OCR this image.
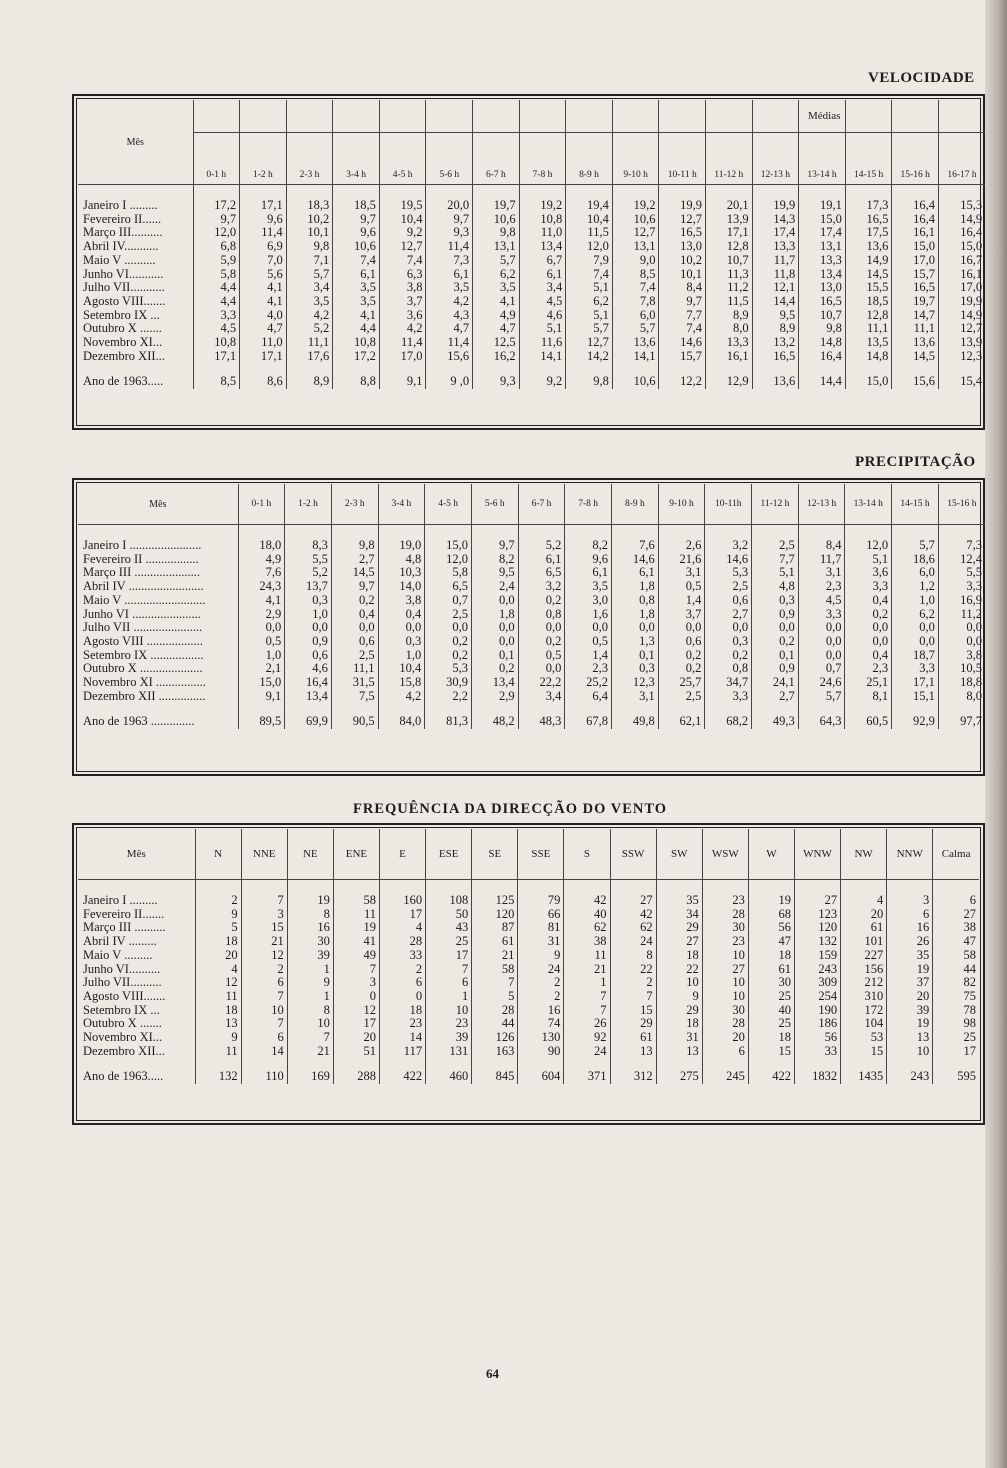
VELOCIDADE
Médias
Mês	0-1 h	1-2 h	2-3 h	3-4 h	4-5 h	5-6 h	6-7 h	7-8 h	8-9 h	9-10 h	10-11 h	11-12 h	12-13 h	13-14 h	14-15 h	15-16 h	16-17 h

Janeiro I .........	17,2	17,1	18,3	18,5	19,5	20,0	19,7	19,2	19,4	19,2	19,9	20,1	19,9	19,1	17,3	16,4	15,3
Fevereiro II......	9,7	9,6	10,2	9,7	10,4	9,7	10,6	10,8	10,4	10,6	12,7	13,9	14,3	15,0	16,5	16,4	14,9
Março III..........	12,0	11,4	10,1	9,6	9,2	9,3	9,8	11,0	11,5	12,7	16,5	17,1	17,4	17,4	17,5	16,1	16,4
Abril IV...........	6,8	6,9	9,8	10,6	12,7	11,4	13,1	13,4	12,0	13,1	13,0	12,8	13,3	13,1	13,6	15,0	15,0
Maio V ..........	5,9	7,0	7,1	7,4	7,4	7,3	5,7	6,7	7,9	9,0	10,2	10,7	11,7	13,3	14,9	17,0	16,7
Junho VI...........	5,8	5,6	5,7	6,1	6,3	6,1	6,2	6,1	7,4	8,5	10,1	11,3	11,8	13,4	14,5	15,7	16,1
Julho VII...........	4,4	4,1	3,4	3,5	3,8	3,5	3,5	3,4	5,1	7,4	8,4	11,2	12,1	13,0	15,5	16,5	17,0
Agosto VIII.......	4,4	4,1	3,5	3,5	3,7	4,2	4,1	4,5	6,2	7,8	9,7	11,5	14,4	16,5	18,5	19,7	19,9
Setembro IX ...	3,3	4,0	4,2	4,1	3,6	4,3	4,9	4,6	5,1	6,0	7,7	8,9	9,5	10,7	12,8	14,7	14,9
Outubro X .......	4,5	4,7	5,2	4,4	4,2	4,7	4,7	5,1	5,7	5,7	7,4	8,0	8,9	9,8	11,1	11,1	12,7
Novembro XI...	10,8	11,0	11,1	10,8	11,4	11,4	12,5	11,6	12,7	13,6	14,6	13,3	13,2	14,8	13,5	13,6	13,9
Dezembro XII...	17,1	17,1	17,6	17,2	17,0	15,6	16,2	14,1	14,2	14,1	15,7	16,1	16,5	16,4	14,8	14,5	12,3

Ano de 1963.....	8,5	8,6	8,9	8,8	9,1	9 ,0	9,3	9,2	9,8	10,6	12,2	12,9	13,6	14,4	15,0	15,6	15,4
PRECIPITAÇÃO
Mês	0-1 h	1-2 h	2-3 h	3-4 h	4-5 h	5-6 h	6-7 h	7-8 h	8-9 h	9-10 h	10-11h	11-12 h	12-13 h	13-14 h	14-15 h	15-16 h

Janeiro I .......................	18,0	8,3	9,8	19,0	15,0	9,7	5,2	8,2	7,6	2,6	3,2	2,5	8,4	12,0	5,7	7,3
Fevereiro II .................	4,9	5,5	2,7	4,8	12,0	8,2	6,1	9,6	14,6	21,6	14,6	7,7	11,7	5,1	18,6	12,4
Março III .....................	7,6	5,2	14,5	10,3	5,8	9,5	6,5	6,1	6,1	3,1	5,3	5,1	3,1	3,6	6,0	5,5
Abril IV ........................	24,3	13,7	9,7	14,0	6,5	2,4	3,2	3,5	1,8	0,5	2,5	4,8	2,3	3,3	1,2	3,3
Maio V ..........................	4,1	0,3	0,2	3,8	0,7	0,0	0,2	3,0	0,8	1,4	0,6	0,3	4,5	0,4	1,0	16,9
Junho VI ......................	2,9	1,0	0,4	0,4	2,5	1,8	0,8	1,6	1,8	3,7	2,7	0,9	3,3	0,2	6,2	11,2
Julho VII ......................	0,0	0,0	0,0	0,0	0,0	0,0	0,0	0,0	0,0	0,0	0,0	0,0	0,0	0,0	0,0	0,0
Agosto VIII ..................	0,5	0,9	0,6	0,3	0,2	0,0	0,2	0,5	1,3	0,6	0,3	0,2	0,0	0,0	0,0	0,0
Setembro IX .................	1,0	0,6	2,5	1,0	0,2	0,1	0,5	1,4	0,1	0,2	0,2	0,1	0,0	0,4	18,7	3,8
Outubro X ....................	2,1	4,6	11,1	10,4	5,3	0,2	0,0	2,3	0,3	0,2	0,8	0,9	0,7	2,3	3,3	10,5
Novembro XI ................	15,0	16,4	31,5	15,8	30,9	13,4	22,2	25,2	12,3	25,7	34,7	24,1	24,6	25,1	17,1	18,8
Dezembro XII ...............	9,1	13,4	7,5	4,2	2,2	2,9	3,4	6,4	3,1	2,5	3,3	2,7	5,7	8,1	15,1	8,0

Ano de 1963 ..............	89,5	69,9	90,5	84,0	81,3	48,2	48,3	67,8	49,8	62,1	68,2	49,3	64,3	60,5	92,9	97,7
FREQUÊNCIA DA DIRECÇÃO DO VENTO
Mês	N	NNE	NE	ENE	E	ESE	SE	SSE	S	SSW	SW	WSW	W	WNW	NW	NNW	Calma

Janeiro I .........	2	7	19	58	160	108	125	79	42	27	35	23	19	27	4	3	6
Fevereiro II.......	9	3	8	11	17	50	120	66	40	42	34	28	68	123	20	6	27
Março III ..........	5	15	16	19	4	43	87	81	62	62	29	30	56	120	61	16	38
Abril IV .........	18	21	30	41	28	25	61	31	38	24	27	23	47	132	101	26	47
Maio V .........	20	12	39	49	33	17	21	9	11	8	18	10	18	159	227	35	58
Junho VI..........	4	2	1	7	2	7	58	24	21	22	22	27	61	243	156	19	44
Julho VII..........	12	6	9	3	6	6	7	2	1	2	10	10	30	309	212	37	82
Agosto VIII.......	11	7	1	0	0	1	5	2	7	7	9	10	25	254	310	20	75
Setembro IX ...	18	10	8	12	18	10	28	16	7	15	29	30	40	190	172	39	78
Outubro X .......	13	7	10	17	23	23	44	74	26	29	18	28	25	186	104	19	98
Novembro XI...	9	6	7	20	14	39	126	130	92	61	31	20	18	56	53	13	25
Dezembro XII...	11	14	21	51	117	131	163	90	24	13	13	6	15	33	15	10	17

Ano de 1963.....	132	110	169	288	422	460	845	604	371	312	275	245	422	1832	1435	243	595
64
